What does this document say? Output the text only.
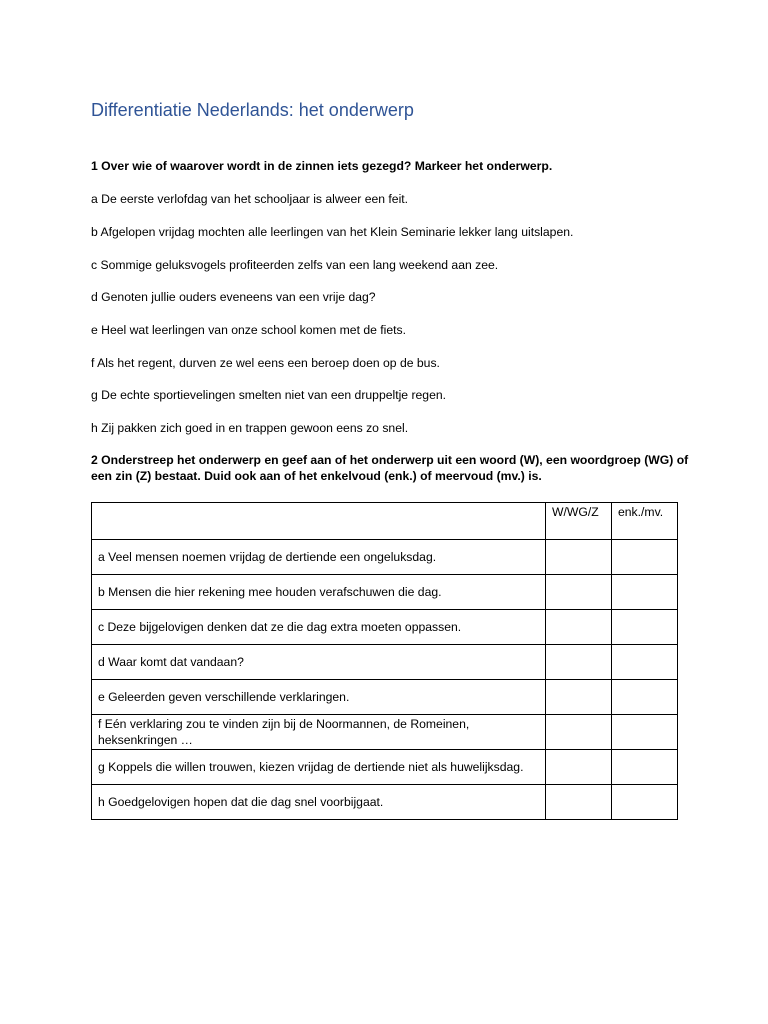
Differentiatie Nederlands: het onderwerp
1 Over wie of waarover wordt in de zinnen iets gezegd? Markeer het onderwerp.
a De eerste verlofdag van het schooljaar is alweer een feit.
b Afgelopen vrijdag mochten alle leerlingen van het Klein Seminarie lekker lang uitslapen.
c Sommige geluksvogels profiteerden zelfs van een lang weekend aan zee.
d Genoten jullie ouders eveneens van een vrije dag?
e Heel wat leerlingen van onze school komen met de fiets.
f Als het regent, durven ze wel eens een beroep doen op de bus.
g De echte sportievelingen smelten niet van een druppeltje regen.
h Zij pakken zich goed in en trappen gewoon eens zo snel.
2 Onderstreep het onderwerp en geef aan of het onderwerp uit een woord (W), een woordgroep (WG) of een zin (Z) bestaat. Duid ook aan of het enkelvoud (enk.) of meervoud (mv.) is.
	W/WG/Z	enk./mv.
a Veel mensen noemen vrijdag de dertiende een ongeluksdag.		
b Mensen die hier rekening mee houden verafschuwen die dag.		
c Deze bijgelovigen denken dat ze die dag extra moeten oppassen.		
d Waar komt dat vandaan?		
e Geleerden geven verschillende verklaringen.		
f Eén verklaring zou te vinden zijn bij de Noormannen, de Romeinen, heksenkringen …		
g Koppels die willen trouwen, kiezen vrijdag de dertiende niet als huwelijksdag.		
h Goedgelovigen hopen dat die dag snel voorbijgaat.		
